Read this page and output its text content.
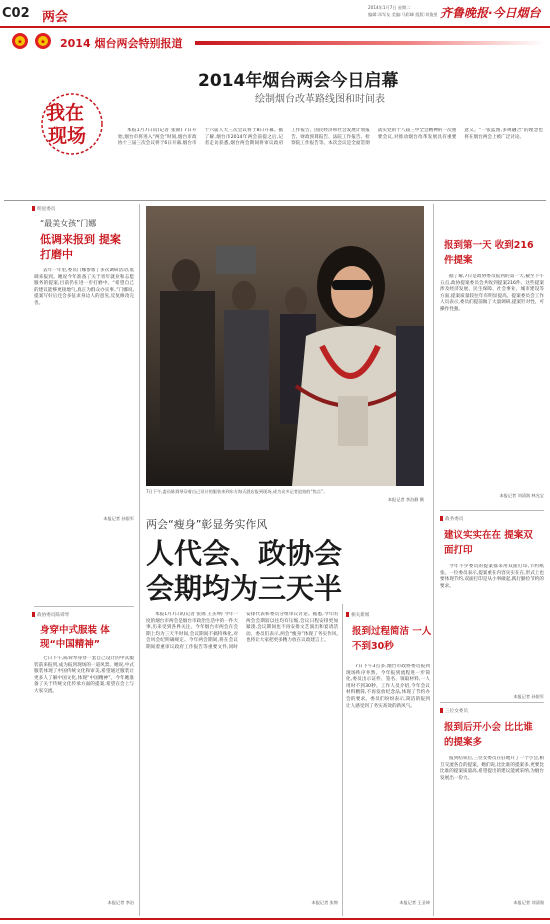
C02 两会
2014年1月7日 星期二
编辑:邓军友 美编:马彩峰 组版:刘俊里 齐鲁晚报·今日烟台
★	★ 2014 烟台两会特别报道
2014年烟台两会今日启幕
绘制烟台改革路线图和时间表
我在
现场	本报1月7日讯(记者 张锦) 7日开始,烟台市将进入“两会”时间,烟台市政协十三届三次会议将于6日开幕,烟台市十六届人大三次会议将于8日开幕。据了解,烟台市2014年两会前提之后,记者走访获悉,烟台两会期间将审议政府工作报告、国民经济和社会发展计划报告、财政预算报告、法院工作报告、检察院工作报告等。本次会议是全面贯彻落实党的十八届三中全会精神的一次重要会议,对推动烟台改革发展具有重要意义。“一张蓝图,多规融合”的理念也将在烟台两会上被广泛讨论。

明星委员
“最美女孩”门娜
低调来报到 提案打磨中

去年一年里,委员门娜参加了多次调研活动,低调来报到。她说今年准备了关于青年就业和志愿服务的提案,目前仍在进一步打磨中。“希望自己的建议能够更接地气,真正为群众办实事。”门娜说,提案写好后还会多征求身边人的意见,反复修改完善。

本报记者 孙银军
政协委员陈舜琴
身穿中式服装 体现“中国精神”

七日下午,陈舜琴身穿一套自己设计的中式服装前来报到,成为报到现场的一道风景。她说,中式服装体现了中国传统文化和审美,希望通过服装让更多人了解中国文化,体现“中国精神”。今年她准备了关于传统文化传承方面的提案,希望在会上与大家交流。

本报记者 李泊
7日下午,委员陈舜琴穿着自己设计的服装来到东方海天酒店报到现场,成为众多记者追拍的“焦点”。
本报记者 李泊静 摄
两会“瘦身”彰显务实作风
人代会、政协会
会期均为三天半

本报1月7日讯(记者 张锦 王圣坤) 今年一度的烟台市两会是烟台市政治生活中的一件大事,历来受到各界关注。今年烟台市两会在会期上均为三天半时间,会议期间不搞特殊化,对会风会纪明确规定。今年两会期间,将在会议期间着重审议政府工作报告等重要文件,同时安排代表和委员分组审议讨论。据悉,今年的两会会期较以往均有压缩,会议日程安排更加紧凑,会议期间也不再安排文艺演出和宴请活动。委员们表示,两会“瘦身”体现了务实作风,也将让大家把更多精力放在议政建言上。

本报记者 张锦
相关新闻
报到过程简洁 一人不到30秒

7日下午3点多,烟台市政协委员报到现场秩序井然。今年报到流程进一步简化,委员出示证件、签名、领取材料,一人用时不到30秒。工作人员介绍,今年会议材料精简,不再发放纪念品,体现了节约办会的要求。委员们纷纷表示,简洁的报到让人感受到了务实高效的新风气。

本报记者 王圣坤
报到第一天 收到216件提案

据了解,7日是政协委员报到的第一天,截至下午五点,政协提案委员会共收到提案216件。这些提案涉及经济发展、民生保障、社会事业、城市建设等方面,提案质量较往年有明显提高。提案委员会工作人员表示,委员们提前做了大量调研,提案针对性、可操作性强。

本报记者 刘清润 林光宝
政务委员
建议实实在在 提案双面打印

今年不少委员的提案都采用双面打印,节约纸张。一位委员表示,提案重在内容实实在在,形式上也要体现节约,双面打印是从小事做起,践行勤俭节约的要求。

本报记者 孙银军
三位女委员
报到后开小会 比比谁的提案多

报到结束后,三位女委员在驻地开了一个小会,相互交流各自的提案。她们说,比比谁的提案多,更要比比谁的提案质量高,希望提出的建议能被采纳,为烟台发展出一份力。

本报记者 刘清润
